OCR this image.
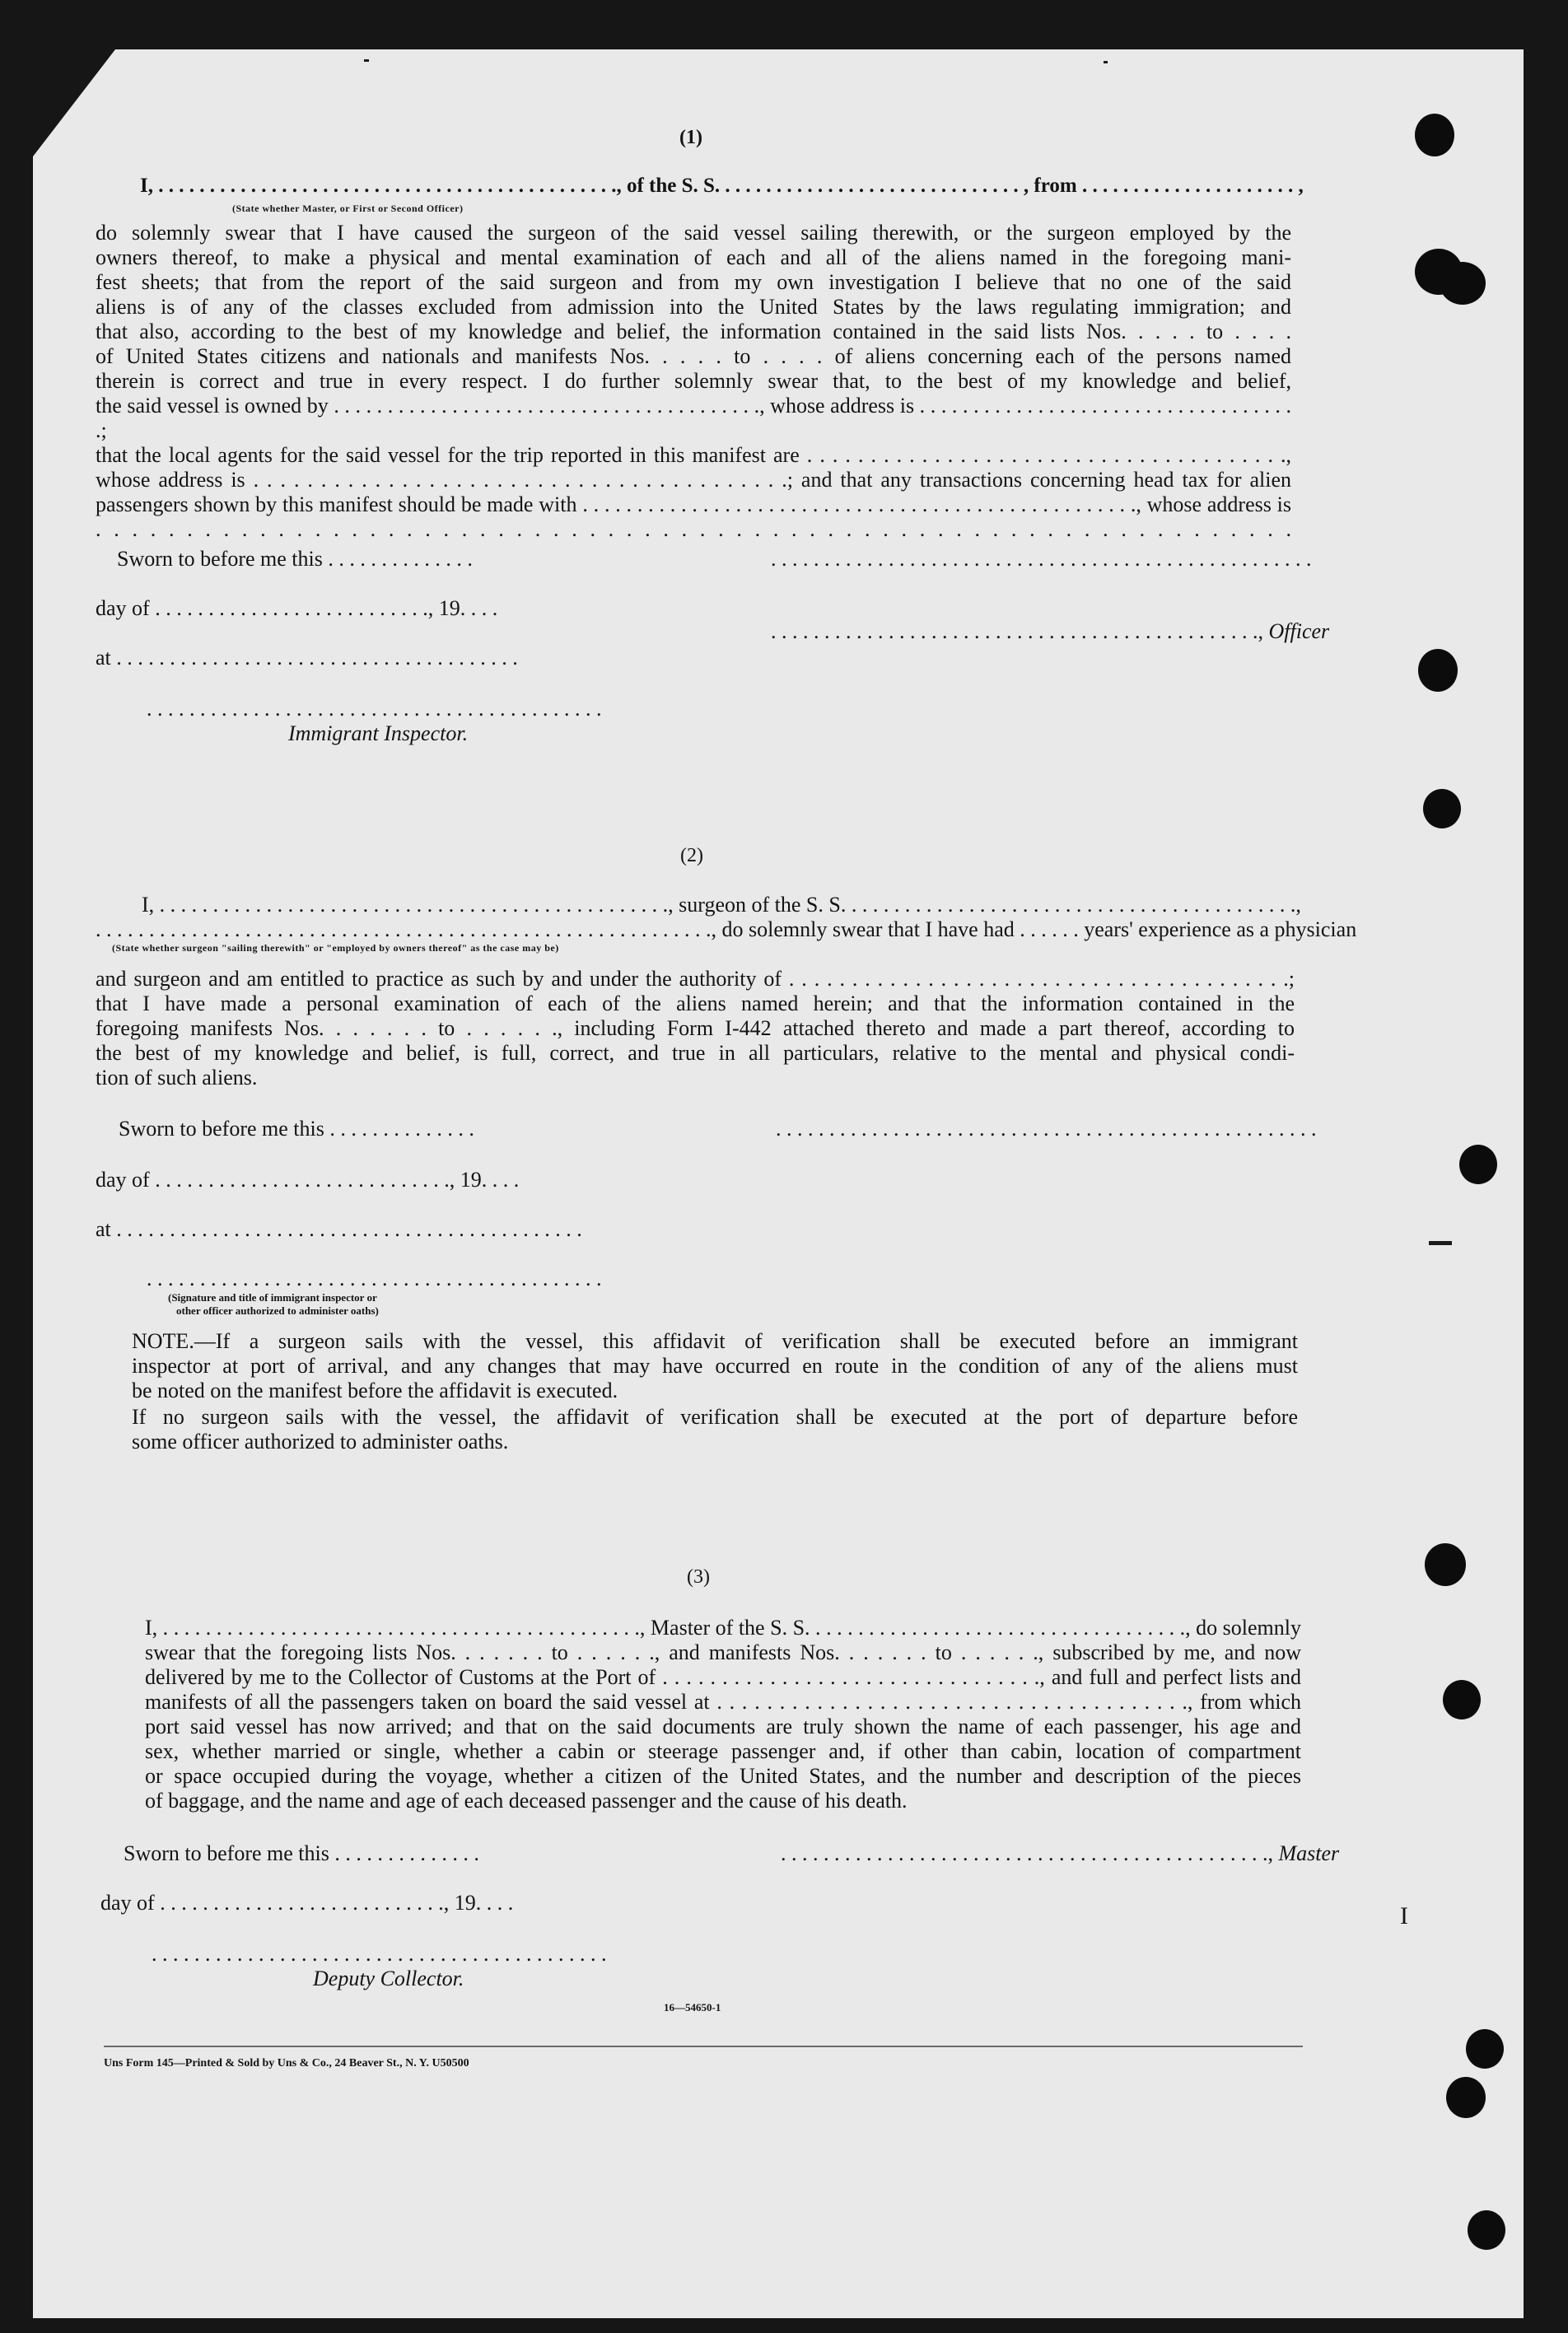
(1)
I, . . . . . . . . . . . . . . . . . . . . . . . . . . . . . . . . . . . . . . . . . . . . ., of the S. S. . . . . . . . . . . . . . . . . . . . . . . . . . . . . . , from . . . . . . . . . . . . . . . . . . . . . ,
(State whether Master, or First or Second Officer)
do solemnly swear that I have caused the surgeon of the said vessel sailing therewith, or the surgeon employed by the
owners thereof, to make a physical and mental examination of each and all of the aliens named in the foregoing mani-
fest sheets; that from the report of the said surgeon and from my own investigation I believe that no one of the said
aliens is of any of the classes excluded from admission into the United States by the laws regulating immigration; and
that also, according to the best of my knowledge and belief, the information contained in the said lists Nos. . . . . to . . . .
of United States citizens and nationals and manifests Nos. . . . . to . . . . of aliens concerning each of the persons named
therein is correct and true in every respect. I do further solemnly swear that, to the best of my knowledge and belief,
the said vessel is owned by . . . . . . . . . . . . . . . . . . . . . . . . . . . . . . . . . . . . . . . ., whose address is . . . . . . . . . . . . . . . . . . . . . . . . . . . . . . . . . . . .;
that the local agents for the said vessel for the trip reported in this manifest are . . . . . . . . . . . . . . . . . . . . . . . . . . . . . . . . . . . . . .,
whose address is . . . . . . . . . . . . . . . . . . . . . . . . . . . . . . . . . . . . . . . .; and that any transactions concerning head tax for alien
passengers shown by this manifest should be made with . . . . . . . . . . . . . . . . . . . . . . . . . . . . . . . . . . . . . . . . . . . . . . . . . . ., whose address is
. . . . . . . . . . . . . . . . . . . . . . . . . . . . . . . . . . . . . . . . . . . . . . . . . . . . . . . . . . . . . . . . . .
Sworn to before me this . . . . . . . . . . . . . .	. . . . . . . . . . . . . . . . . . . . . . . . . . . . . . . . . . . . . . . . . . . . . . . . . . .
day of . . . . . . . . . . . . . . . . . . . . . . . . . ., 19. . . .
. . . . . . . . . . . . . . . . . . . . . . . . . . . . . . . . . . . . . . . . . . . . . ., Officer
at . . . . . . . . . . . . . . . . . . . . . . . . . . . . . . . . . . . . . .
. . . . . . . . . . . . . . . . . . . . . . . . . . . . . . . . . . . . . . . . . . .
Immigrant Inspector.
(2)
I, . . . . . . . . . . . . . . . . . . . . . . . . . . . . . . . . . . . . . . . . . . . . . . . ., surgeon of the S. S. . . . . . . . . . . . . . . . . . . . . . . . . . . . . . . . . . . . . . . . . . .,
. . . . . . . . . . . . . . . . . . . . . . . . . . . . . . . . . . . . . . . . . . . . . . . . . . . . . . . . . ., do solemnly swear that I have had . . . . . . years' experience as a physician
(State whether surgeon "sailing therewith" or "employed by owners thereof" as the case may be)
and surgeon and am entitled to practice as such by and under the authority of . . . . . . . . . . . . . . . . . . . . . . . . . . . . . . . . . . . . . . . .;
that I have made a personal examination of each of the aliens named herein; and that the information contained in the
foregoing manifests Nos. . . . . . . to . . . . . ., including Form I-442 attached thereto and made a part thereof, according to
the best of my knowledge and belief, is full, correct, and true in all particulars, relative to the mental and physical condi-
tion of such aliens.
Sworn to before me this . . . . . . . . . . . . . .	. . . . . . . . . . . . . . . . . . . . . . . . . . . . . . . . . . . . . . . . . . . . . . . . . . .
day of . . . . . . . . . . . . . . . . . . . . . . . . . . . ., 19. . . .
at . . . . . . . . . . . . . . . . . . . . . . . . . . . . . . . . . . . . . . . . . . . .
. . . . . . . . . . . . . . . . . . . . . . . . . . . . . . . . . . . . . . . . . . .
(Signature and title of immigrant inspector or
other officer authorized to administer oaths)
NOTE.—If a surgeon sails with the vessel, this affidavit of verification shall be executed before an immigrant
inspector at port of arrival, and any changes that may have occurred en route in the condition of any of the aliens must
be noted on the manifest before the affidavit is executed.
If no surgeon sails with the vessel, the affidavit of verification shall be executed at the port of departure before
some officer authorized to administer oaths.
(3)
I, . . . . . . . . . . . . . . . . . . . . . . . . . . . . . . . . . . . . . . . . . . . . ., Master of the S. S. . . . . . . . . . . . . . . . . . . . . . . . . . . . . . . . . . . ., do solemnly
swear that the foregoing lists Nos. . . . . . . to . . . . . ., and manifests Nos. . . . . . . to . . . . . ., subscribed by me, and now
delivered by me to the Collector of Customs at the Port of . . . . . . . . . . . . . . . . . . . . . . . . . . . . . . . ., and full and perfect lists and
manifests of all the passengers taken on board the said vessel at . . . . . . . . . . . . . . . . . . . . . . . . . . . . . . . . . . . . . ., from which
port said vessel has now arrived; and that on the said documents are truly shown the name of each passenger, his age and
sex, whether married or single, whether a cabin or steerage passenger and, if other than cabin, location of compartment
or space occupied during the voyage, whether a citizen of the United States, and the number and description of the pieces
of baggage, and the name and age of each deceased passenger and the cause of his death.
Sworn to before me this . . . . . . . . . . . . . .	. . . . . . . . . . . . . . . . . . . . . . . . . . . . . . . . . . . . . . . . . . . . . ., Master
day of . . . . . . . . . . . . . . . . . . . . . . . . . . ., 19. . . .
. . . . . . . . . . . . . . . . . . . . . . . . . . . . . . . . . . . . . . . . . . .
Deputy Collector.
16—54650-1
Uns Form 145—Printed & Sold by Uns & Co., 24 Beaver St., N. Y. U50500
I
